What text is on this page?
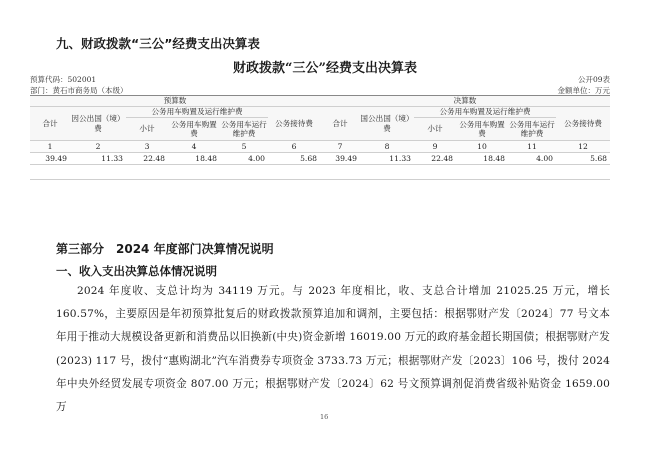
九、财政拨款“三公”经费支出决算表
财政拨款“三公”经费支出决算表
预算代码：502001
部门：黄石市商务局（本级）
公开09表
金额单位：万元
预算数						决算数					
合计	因公出国（境）费	公务用车购置及运行维护费			公务接待费	合计	国公出国（境）费	公务用车购置及运行维护费			公务接待费
		小计	公务用车购置费	公务用车运行维护费				小计	公务用车购置费	公务用车运行维护费	
1	2	3	4	5	6	7	8	9	10	11	12
39.49	11.33	22.48	18.48	4.00	5.68	39.49	11.33	22.48	18.48	4.00	5.68

第三部分　2024 年度部门决算情况说明
一、收入支出决算总体情况说明
2024 年度收、支总计均为 34119 万元。与 2023 年度相比，收、支总合计增加 21025.25 万元，增长 160.57%，主要原因是年初预算批复后的财政拨款预算追加和调剂，主要包括：根据鄂财产发〔2024〕77 号文本年用于推动大规模设备更新和消费品以旧换新(中央)资金新增 16019.00 万元的政府基金超长期国债；根据鄂财产发(2023) 117 号，拨付“惠购湖北”汽车消费券专项资金 3733.73 万元；根据鄂财产发〔2023〕106 号，拨付 2024 年中央外经贸发展专项资金 807.00 万元；根据鄂财产发〔2024〕62 号文预算调剂促消费省级补贴资金 1659.00 万
16
